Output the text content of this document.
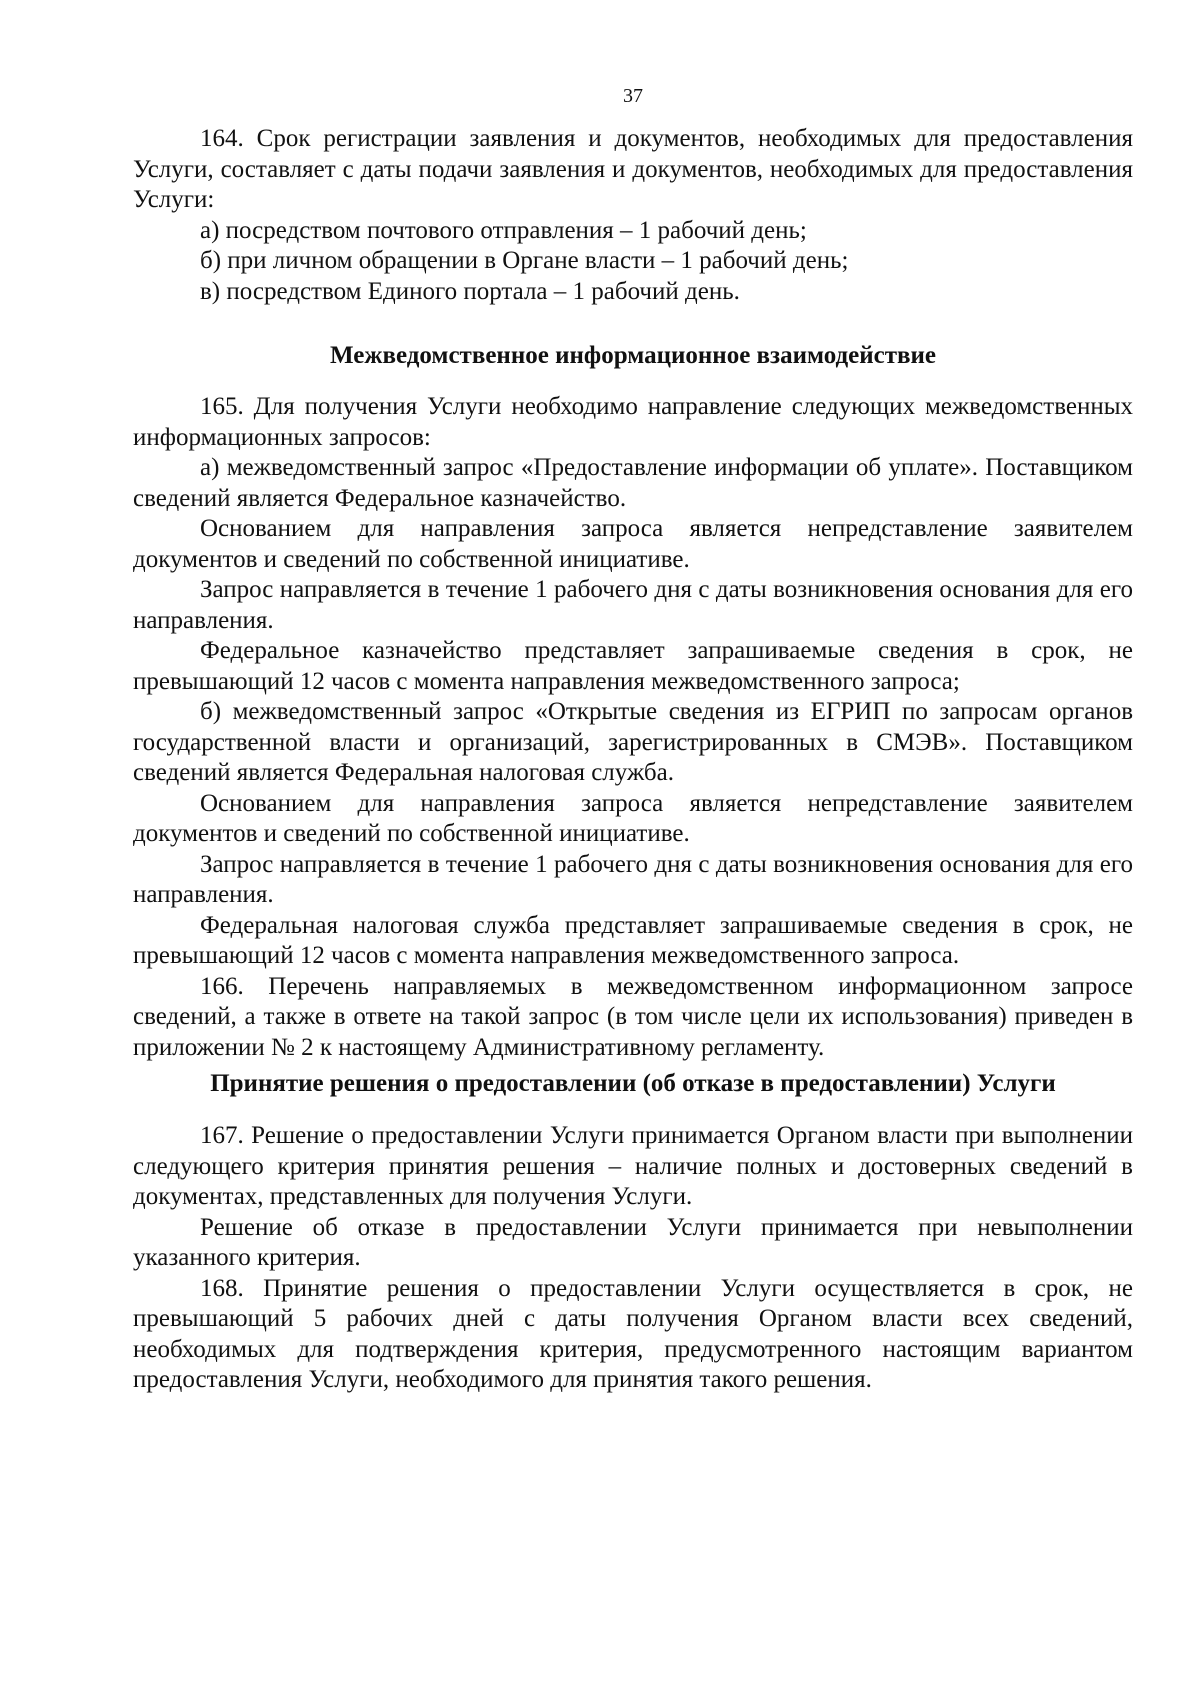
37

164. Срок регистрации заявления и документов, необходимых для предоставления Услуги, составляет с даты подачи заявления и документов, необходимых для предоставления Услуги:

а) посредством почтового отправления – 1 рабочий день;

б) при личном обращении в Органе власти – 1 рабочий день;

в) посредством Единого портала – 1 рабочий день.

Межведомственное информационное взаимодействие

165. Для получения Услуги необходимо направление следующих межведомственных информационных запросов:

а) межведомственный запрос «Предоставление информации об уплате». Поставщиком сведений является Федеральное казначейство.

Основанием для направления запроса является непредставление заявителем документов и сведений по собственной инициативе.

Запрос направляется в течение 1 рабочего дня с даты возникновения основания для его направления.

Федеральное казначейство представляет запрашиваемые сведения в срок, не превышающий 12 часов с момента направления межведомственного запроса;

б) межведомственный запрос «Открытые сведения из ЕГРИП по запросам органов государственной власти и организаций, зарегистрированных в СМЭВ». Поставщиком сведений является Федеральная налоговая служба.

Основанием для направления запроса является непредставление заявителем документов и сведений по собственной инициативе.

Запрос направляется в течение 1 рабочего дня с даты возникновения основания для его направления.

Федеральная налоговая служба представляет запрашиваемые сведения в срок, не превышающий 12 часов с момента направления межведомственного запроса.

166. Перечень направляемых в межведомственном информационном запросе сведений, а также в ответе на такой запрос (в том числе цели их использования) приведен в приложении № 2 к настоящему Административному регламенту.

Принятие решения о предоставлении (об отказе в предоставлении) Услуги

167. Решение о предоставлении Услуги принимается Органом власти при выполнении следующего критерия принятия решения – наличие полных и достоверных сведений в документах, представленных для получения Услуги.

Решение об отказе в предоставлении Услуги принимается при невыполнении указанного критерия.

168. Принятие решения о предоставлении Услуги осуществляется в срок, не превышающий 5 рабочих дней с даты получения Органом власти всех сведений, необходимых для подтверждения критерия, предусмотренного настоящим вариантом предоставления Услуги, необходимого для принятия такого решения.
